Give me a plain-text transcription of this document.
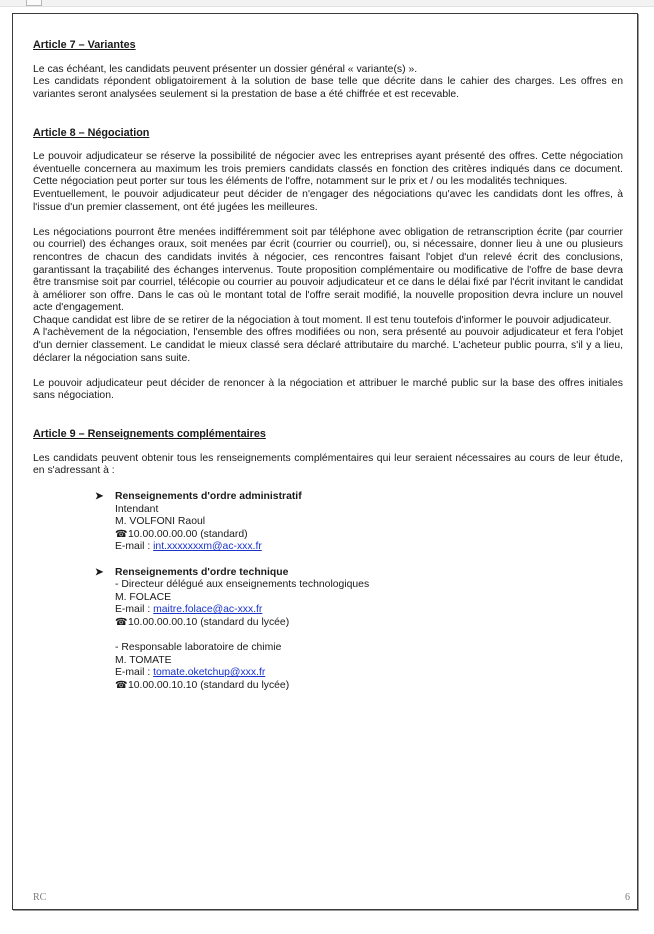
Article 7 – Variantes

Le cas échéant, les candidats peuvent présenter un dossier général « variante(s) ».

Les candidats répondent obligatoirement à la solution de base telle que décrite dans le cahier des charges. Les offres en variantes seront analysées seulement si la prestation de base a été chiffrée et est recevable.

Article 8 – Négociation

Le pouvoir adjudicateur se réserve la possibilité de négocier avec les entreprises ayant présenté des offres. Cette négociation éventuelle concernera au maximum les trois premiers candidats classés en fonction des critères indiqués dans ce document. Cette négociation peut porter sur tous les éléments de l'offre, notamment sur le prix et / ou les modalités techniques.

Eventuellement, le pouvoir adjudicateur peut décider de n'engager des négociations qu'avec les candidats dont les offres, à l'issue d'un premier classement, ont été jugées les meilleures.

Les négociations pourront être menées indifféremment soit par téléphone avec obligation de retranscription écrite (par courrier ou courriel) des échanges oraux, soit menées par écrit (courrier ou courriel), ou, si nécessaire, donner lieu à une ou plusieurs rencontres de chacun des candidats invités à négocier, ces rencontres faisant l'objet d'un relevé écrit des conclusions, garantissant la traçabilité des échanges intervenus. Toute proposition complémentaire ou modificative de l'offre de base devra être transmise soit par courriel, télécopie ou courrier au pouvoir adjudicateur et ce dans le délai fixé par l'écrit invitant le candidat à améliorer son offre. Dans le cas où le montant total de l'offre serait modifié, la nouvelle proposition devra inclure un nouvel acte d'engagement.

Chaque candidat est libre de se retirer de la négociation à tout moment. Il est tenu toutefois d'informer le pouvoir adjudicateur.

A l'achèvement de la négociation, l'ensemble des offres modifiées ou non, sera présenté au pouvoir adjudicateur et fera l'objet d'un dernier classement. Le candidat le mieux classé sera déclaré attributaire du marché. L'acheteur public pourra, s'il y a lieu, déclarer la négociation sans suite.

Le pouvoir adjudicateur peut décider de renoncer à la négociation et attribuer le marché public sur la base des offres initiales sans négociation.

Article 9 – Renseignements complémentaires

Les candidats peuvent obtenir tous les renseignements complémentaires qui leur seraient nécessaires au cours de leur étude, en s'adressant à :

➤ Renseignements d'ordre administratif
Intendant
M. VOLFONI Raoul
☎10.00.00.00.00 (standard)
E-mail : int.xxxxxxxm@ac-xxx.fr
➤ Renseignements d'ordre technique
- Directeur délégué aux enseignements technologiques
M. FOLACE
E-mail : maitre.folace@ac-xxx.fr
☎10.00.00.00.10 (standard du lycée)
- Responsable laboratoire de chimie
M. TOMATE
E-mail : tomate.oketchup@xxx.fr
☎10.00.00.10.10 (standard du lycée)
RC	6
